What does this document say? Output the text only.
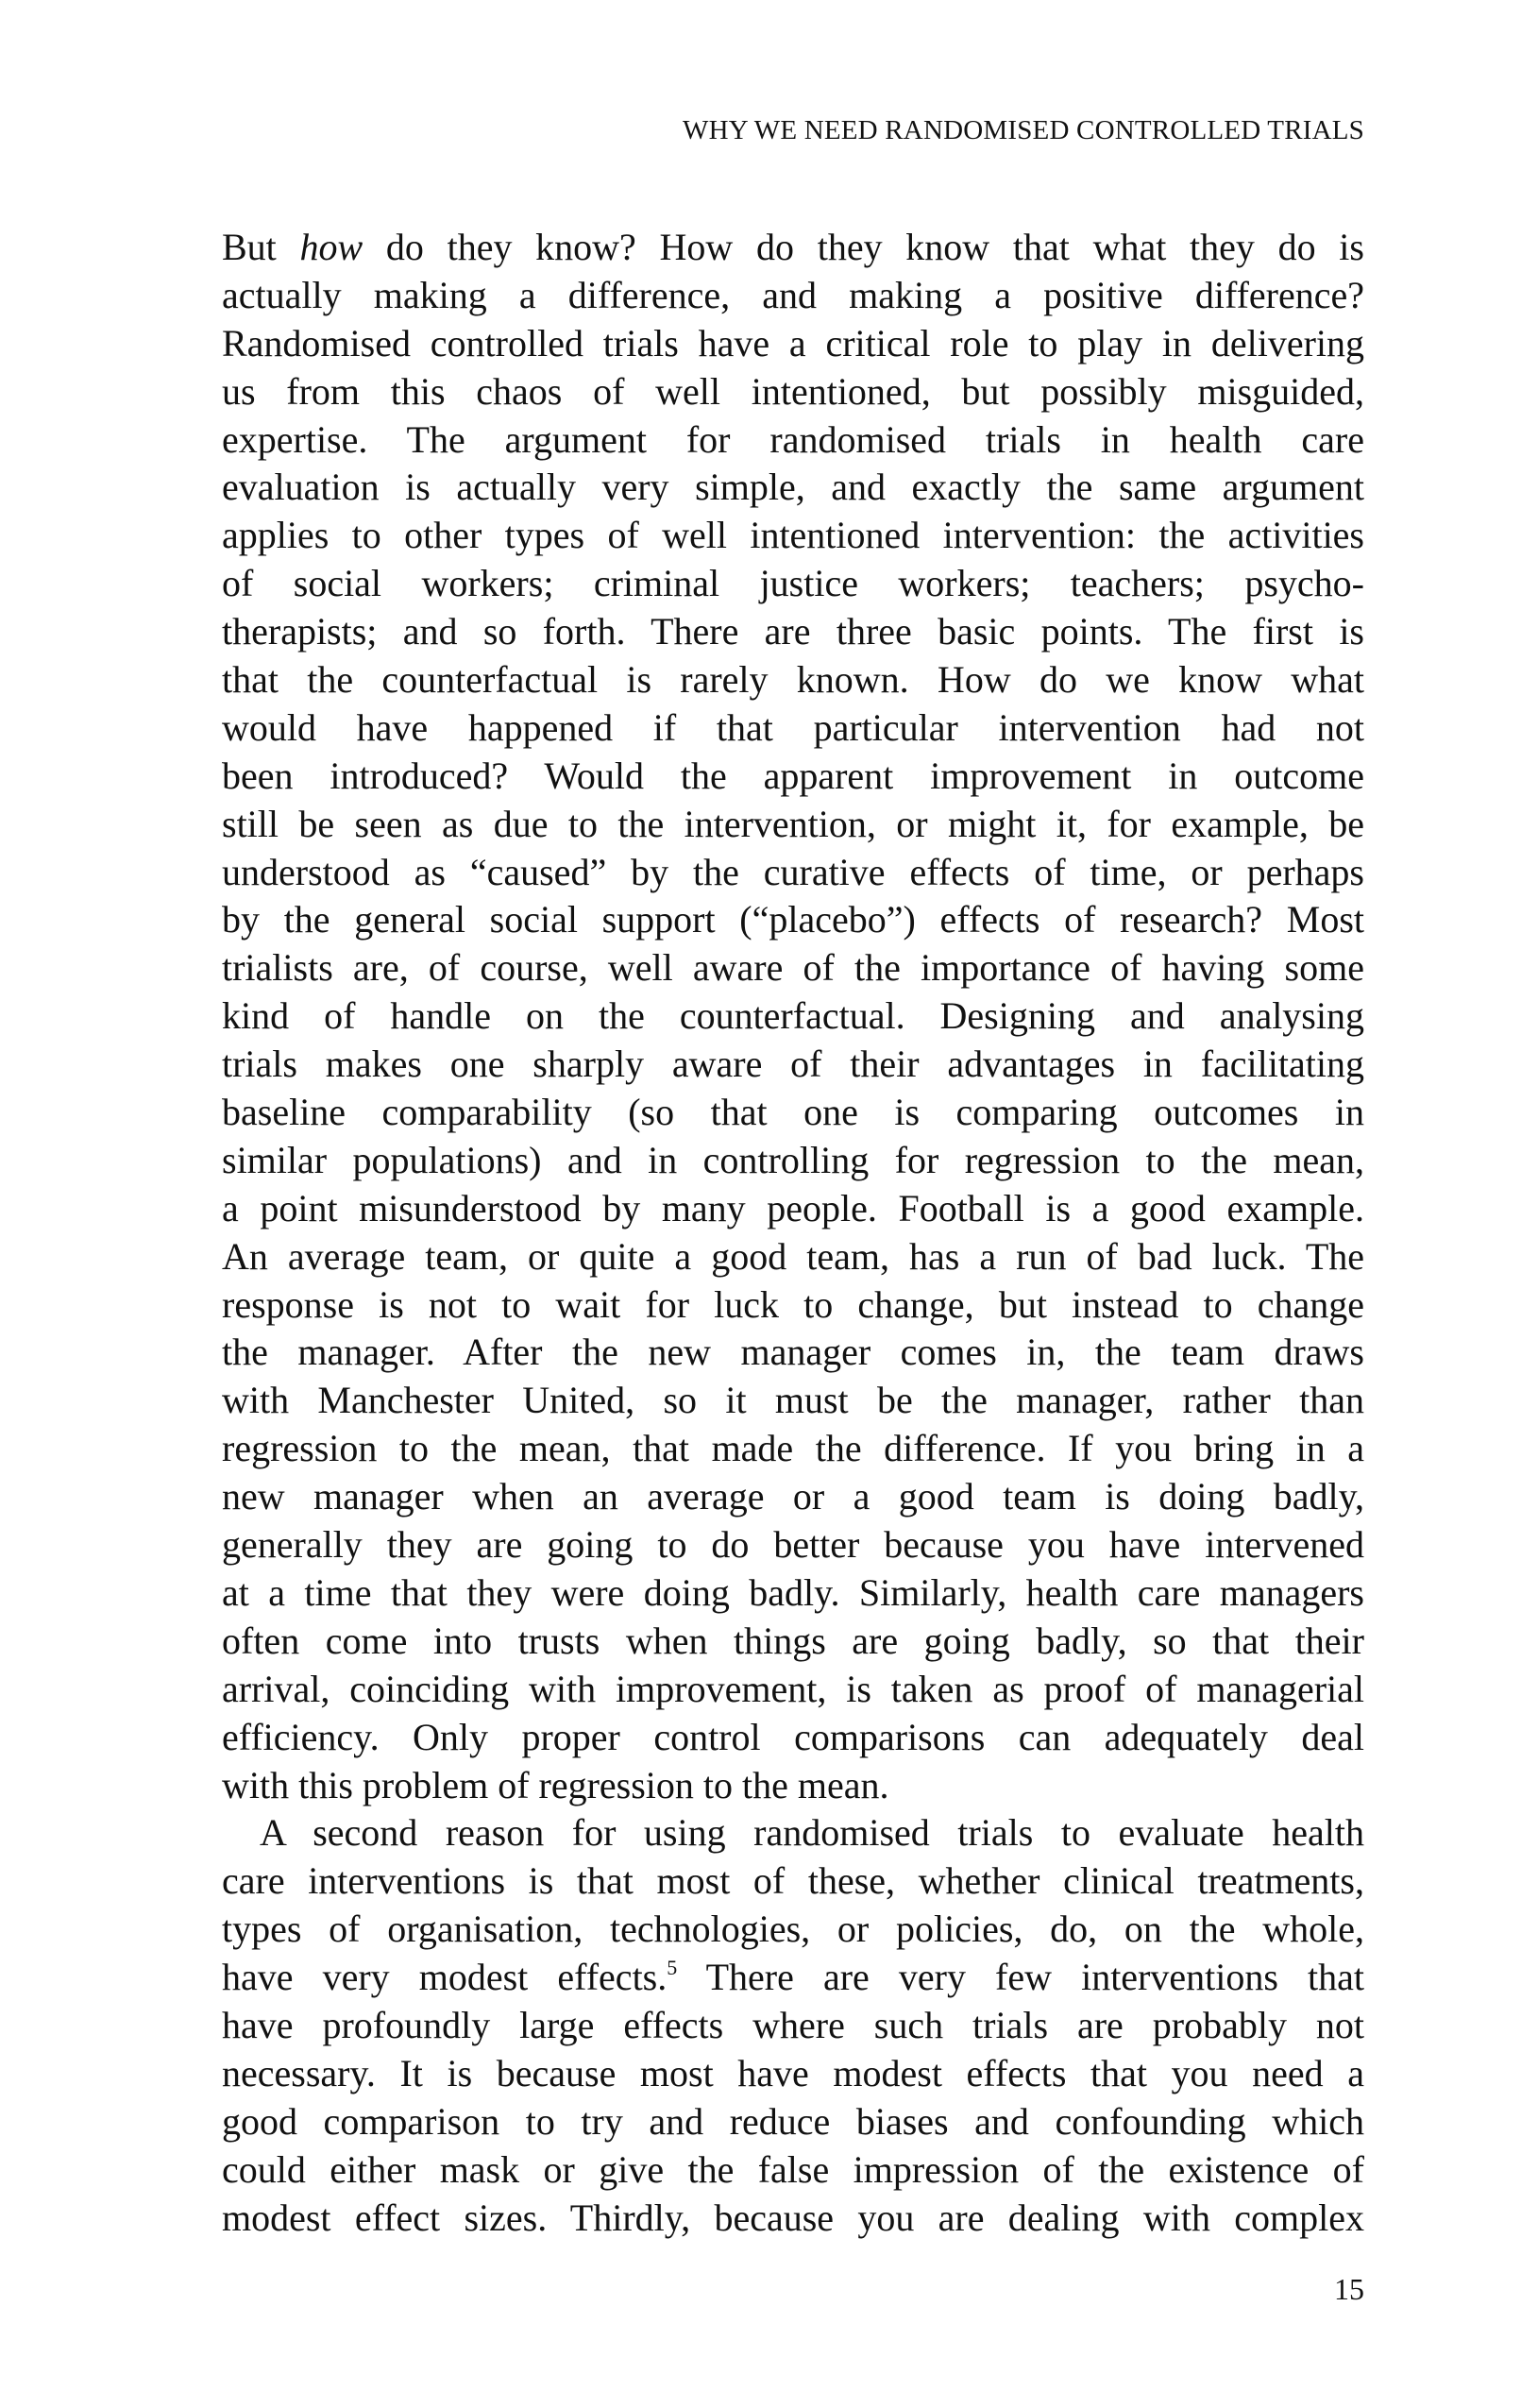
WHY WE NEED RANDOMISED CONTROLLED TRIALS
But how do they know? How do they know that what they do is
actually making a difference, and making a positive difference?
Randomised controlled trials have a critical role to play in delivering
us from this chaos of well intentioned, but possibly misguided,
expertise. The argument for randomised trials in health care
evaluation is actually very simple, and exactly the same argument
applies to other types of well intentioned intervention: the activities
of social workers; criminal justice workers; teachers; psycho-
therapists; and so forth. There are three basic points. The first is
that the counterfactual is rarely known. How do we know what
would have happened if that particular intervention had not
been introduced? Would the apparent improvement in outcome
still be seen as due to the intervention, or might it, for example, be
understood as “caused” by the curative effects of time, or perhaps
by the general social support (“placebo”) effects of research? Most
trialists are, of course, well aware of the importance of having some
kind of handle on the counterfactual. Designing and analysing
trials makes one sharply aware of their advantages in facilitating
baseline comparability (so that one is comparing outcomes in
similar populations) and in controlling for regression to the mean,
a point misunderstood by many people. Football is a good example.
An average team, or quite a good team, has a run of bad luck. The
response is not to wait for luck to change, but instead to change
the manager. After the new manager comes in, the team draws
with Manchester United, so it must be the manager, rather than
regression to the mean, that made the difference. If you bring in a
new manager when an average or a good team is doing badly,
generally they are going to do better because you have intervened
at a time that they were doing badly. Similarly, health care managers
often come into trusts when things are going badly, so that their
arrival, coinciding with improvement, is taken as proof of managerial
efficiency. Only proper control comparisons can adequately deal
with this problem of regression to the mean.
A second reason for using randomised trials to evaluate health
care interventions is that most of these, whether clinical treatments,
types of organisation, technologies, or policies, do, on the whole,
have very modest effects.$^5$ There are very few interventions that
have profoundly large effects where such trials are probably not
necessary. It is because most have modest effects that you need a
good comparison to try and reduce biases and confounding which
could either mask or give the false impression of the existence of
modest effect sizes. Thirdly, because you are dealing with complex
15
